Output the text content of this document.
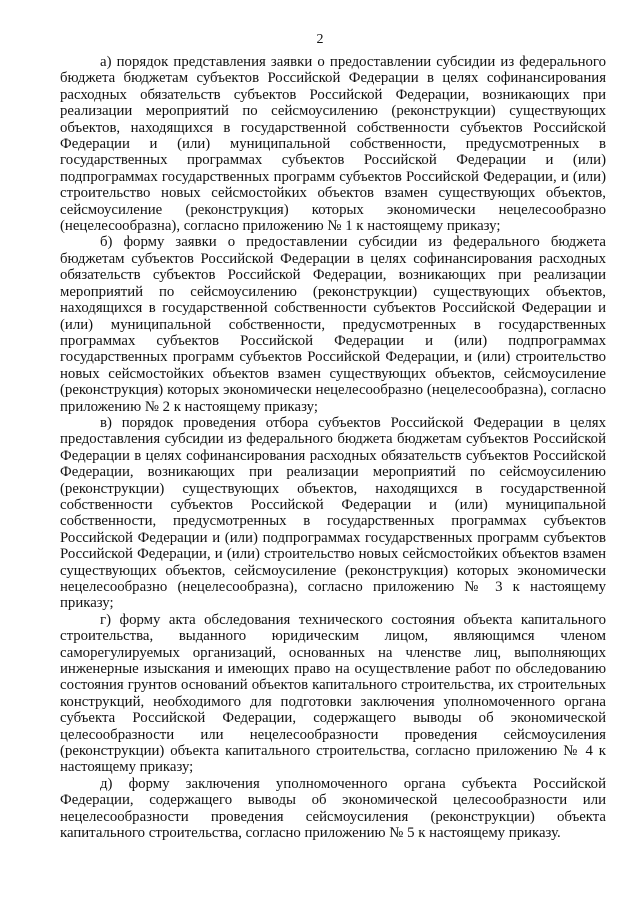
2

а) порядок представления заявки о предоставлении субсидии из федерального бюджета бюджетам субъектов Российской Федерации в целях софинансирования расходных обязательств субъектов Российской Федерации, возникающих при реализации мероприятий по сейсмоусилению (реконструкции) существующих объектов, находящихся в государственной собственности субъектов Российской Федерации и (или) муниципальной собственности, предусмотренных в государственных программах субъектов Российской Федерации и (или) подпрограммах государственных программ субъектов Российской Федерации, и (или) строительство новых сейсмостойких объектов взамен существующих объектов, сейсмоусиление (реконструкция) которых экономически нецелесообразно (нецелесообразна), согласно приложению № 1 к настоящему приказу;

б) форму заявки о предоставлении субсидии из федерального бюджета бюджетам субъектов Российской Федерации в целях софинансирования расходных обязательств субъектов Российской Федерации, возникающих при реализации мероприятий по сейсмоусилению (реконструкции) существующих объектов, находящихся в государственной собственности субъектов Российской Федерации и (или) муниципальной собственности, предусмотренных в государственных программах субъектов Российской Федерации и (или) подпрограммах государственных программ субъектов Российской Федерации, и (или) строительство новых сейсмостойких объектов взамен существующих объектов, сейсмоусиление (реконструкция) которых экономически нецелесообразно (нецелесообразна), согласно приложению № 2 к настоящему приказу;

в) порядок проведения отбора субъектов Российской Федерации в целях предоставления субсидии из федерального бюджета бюджетам субъектов Российской Федерации в целях софинансирования расходных обязательств субъектов Российской Федерации, возникающих при реализации мероприятий по сейсмоусилению (реконструкции) существующих объектов, находящихся в государственной собственности субъектов Российской Федерации и (или) муниципальной собственности, предусмотренных в государственных программах субъектов Российской Федерации и (или) подпрограммах государственных программ субъектов Российской Федерации, и (или) строительство новых сейсмостойких объектов взамен существующих объектов, сейсмоусиление (реконструкция) которых экономически нецелесообразно (нецелесообразна), согласно приложению № 3 к настоящему приказу;

г) форму акта обследования технического состояния объекта капитального строительства, выданного юридическим лицом, являющимся членом саморегулируемых организаций, основанных на членстве лиц, выполняющих инженерные изыскания и имеющих право на осуществление работ по обследованию состояния грунтов оснований объектов капитального строительства, их строительных конструкций, необходимого для подготовки заключения уполномоченного органа субъекта Российской Федерации, содержащего выводы об экономической целесообразности или нецелесообразности проведения сейсмоусиления (реконструкции) объекта капитального строительства, согласно приложению № 4 к настоящему приказу;

д) форму заключения уполномоченного органа субъекта Российской Федерации, содержащего выводы об экономической целесообразности или нецелесообразности проведения сейсмоусиления (реконструкции) объекта капитального строительства, согласно приложению № 5 к настоящему приказу.
